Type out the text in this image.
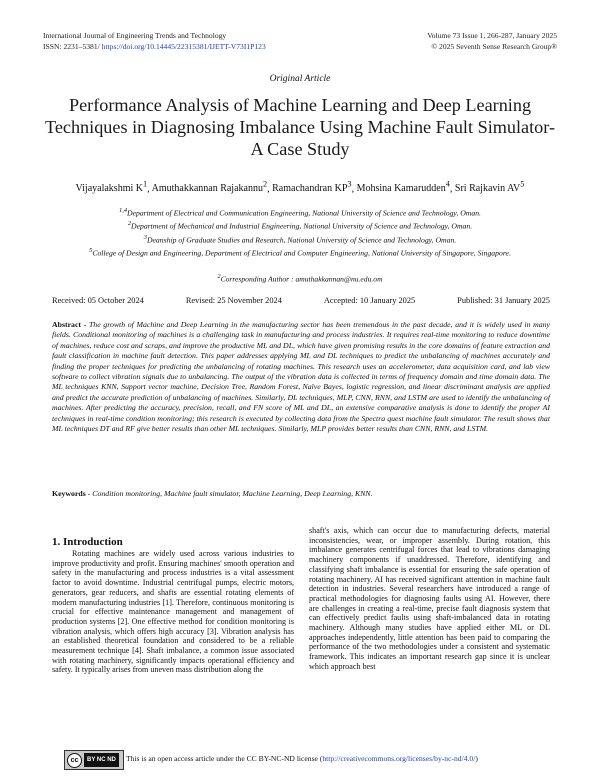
International Journal of Engineering Trends and Technology
ISSN: 2231–5381/ https://doi.org/10.14445/22315381/IJETT-V73I1P123
Volume 73 Issue 1, 266-287, January 2025
© 2025 Seventh Sense Research Group®
Original Article
Performance Analysis of Machine Learning and Deep Learning Techniques in Diagnosing Imbalance Using Machine Fault Simulator-A Case Study
Vijayalakshmi $K^1$, Amuthakkannan Rajakannu$^2$, Ramachandran $KP^3$, Mohsina Kamarudden$^4$, Sri Rajkavin $AV^5$
$^{1,4}$Department of Electrical and Communication Engineering, National University of Science and Technology, Oman.
$^2$Department of Mechanical and Industrial Engineering, National University of Science and Technology, Oman.
$^3$Deanship of Graduate Studies and Research, National University of Science and Technology, Oman.
$^5$College of Design and Engineering, Department of Electrical and Computer Engineering, National University of Singapore, Singapore.
$^2$Corresponding Author : amuthakkannan@nu.edu.om
Received: 05 October 2024	Revised: 25 November 2024	Accepted: 10 January 2025	Published: 31 January 2025
Abstract - The growth of Machine and Deep Learning in the manufacturing sector has been tremendous in the past decade, and it is widely used in many fields. Conditional monitoring of machines is a challenging task in manufacturing and process industries. It requires real-time monitoring to reduce downtime of machines, reduce cost and scraps, and improve the productive ML and DL, which have given promising results in the core domains of feature extraction and fault classification in machine fault detection. This paper addresses applying ML and DL techniques to predict the unbalancing of machines accurately and finding the proper techniques for predicting the unbalancing of rotating machines. This research uses an accelerometer, data acquisition card, and lab view software to collect vibration signals due to unbalancing. The output of the vibration data is collected in terms of frequency domain and time domain data. The ML techniques KNN, Support vector machine, Decision Tree, Random Forest, Naïve Bayes, logistic regression, and linear discriminant analysis are applied and predict the accurate prediction of unbalancing of machines. Similarly, DL techniques, MLP, CNN, RNN, and LSTM are used to identify the unbalancing of machines. After predicting the accuracy, precision, recall, and FN score of ML and DL, an extensive comparative analysis is done to identify the proper AI techniques in real-time condition monitoring; this research is executed by collecting data from the Spectra quest machine fault simulator. The result shows that ML techniques DT and RF give better results than other ML techniques. Similarly, MLP provides better results than CNN, RNN, and LSTM.
Keywords - Condition monitoring, Machine fault simulator, Machine Learning, Deep Learning, KNN.
1. Introduction

Rotating machines are widely used across various industries to improve productivity and profit. Ensuring machines' smooth operation and safety in the manufacturing and process industries is a vital assessment factor to avoid downtime. Industrial centrifugal pumps, electric motors, generators, gear reducers, and shafts are essential rotating elements of modern manufacturing industries [1]. Therefore, continuous monitoring is crucial for effective maintenance management and management of production systems [2]. One effective method for condition monitoring is vibration analysis, which offers high accuracy [3]. Vibration analysis has an established theoretical foundation and considered to be a reliable measurement technique [4]. Shaft imbalance, a common issue associated with rotating machinery, significantly impacts operational efficiency and safety. It typically arises from uneven mass distribution along the

shaft's axis, which can occur due to manufacturing defects, material inconsistencies, wear, or improper assembly. During rotation, this imbalance generates centrifugal forces that lead to vibrations damaging machinery components if unaddressed. Therefore, identifying and classifying shaft imbalance is essential for ensuring the safe operation of rotating machinery. AI has received significant attention in machine fault detection in industries. Several researchers have introduced a range of practical methodologies for diagnosing faults using AI. However, there are challenges in creating a real-time, precise fault diagnosis system that can effectively predict faults using shaft-imbalanced data in rotating machinery. Although many studies have applied either ML or DL approaches independently, little attention has been paid to comparing the performance of the two methodologies under a consistent and systematic framework. This indicates an important research gap since it is unclear which approach best

cc	BY NC ND	This is an open access article under the CC BY-NC-ND license (http://creativecommons.org/licenses/by-nc-nd/4.0/)
